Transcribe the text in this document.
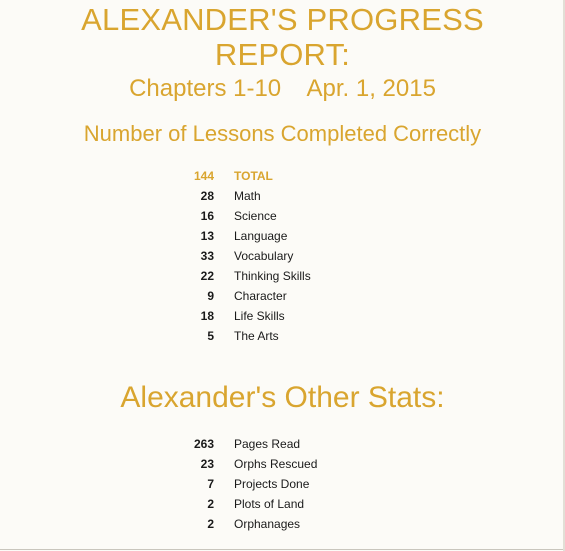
ALEXANDER'S PROGRESS
REPORT:
Chapters 1-10    Apr. 1, 2015
Number of Lessons Completed Correctly
144 TOTAL
28 Math
16 Science
13 Language
33 Vocabulary
22 Thinking Skills
9 Character
18 Life Skills
5 The Arts
Alexander's Other Stats:
263 Pages Read
23 Orphs Rescued
7 Projects Done
2 Plots of Land
2 Orphanages
